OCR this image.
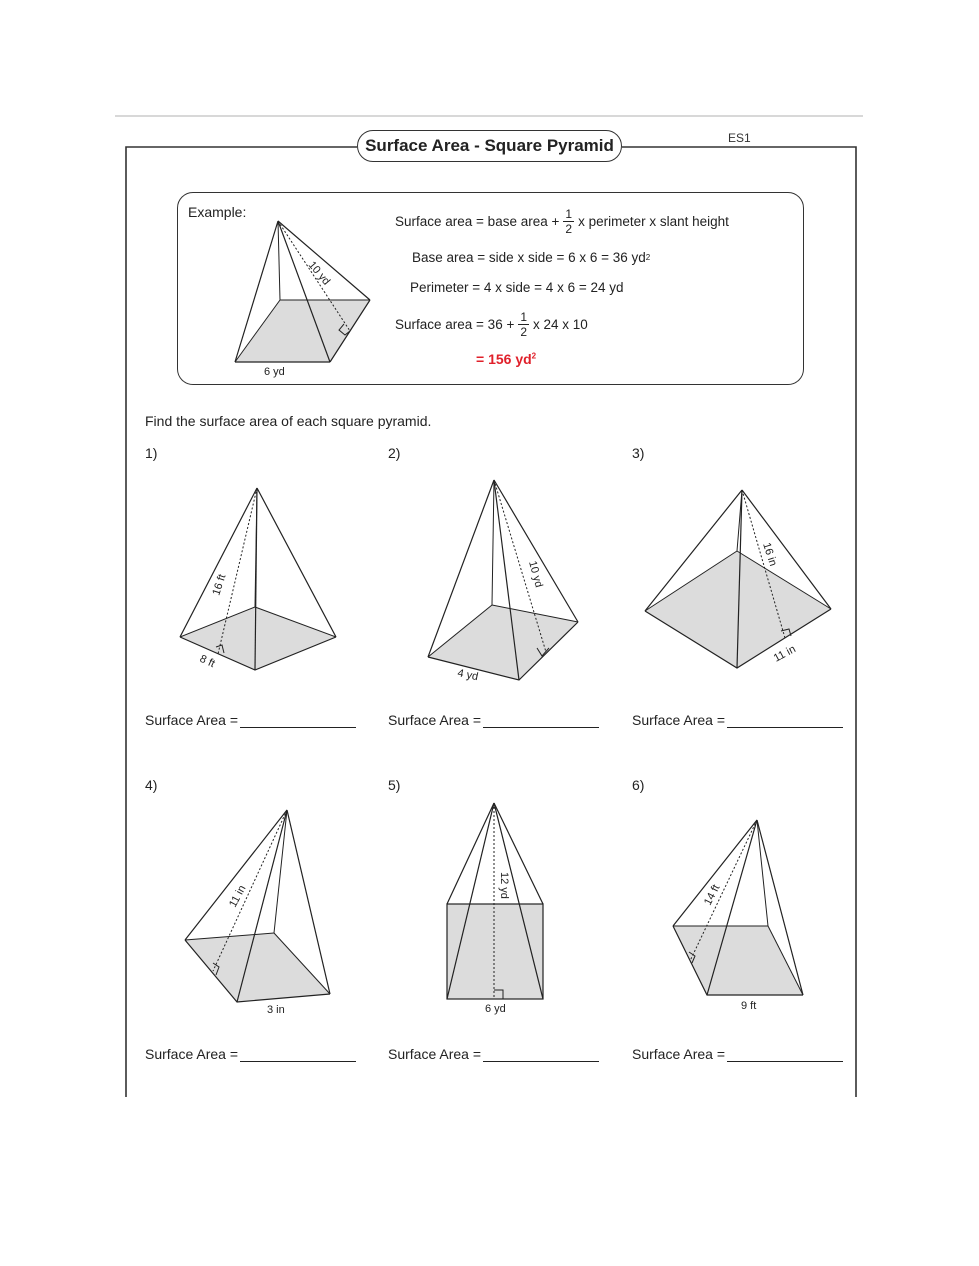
Surface Area - Square Pyramid	ES1
Example:
6 yd
10 yd
Surface area = base area + $\frac{1}{2}$ x perimeter x slant height
Base area = side x side = 6 x 6 = 36 yd 2
Perimeter = 4 x side = 4 x 6 = 24 yd
Surface area = $36 + \frac{1}{2}$ x 24 x 10
= 156 $yd^2$
Find the surface area of each square pyramid.
1)	2)	3)
4)	5)	6)
16 ft
8 ft
10 yd
4 yd
16 in
11 in
11 in
3 in
12 yd
6 yd
14 ft
9 ft
Surface Area =	Surface Area =	Surface Area =
Surface Area =	Surface Area =	Surface Area =
